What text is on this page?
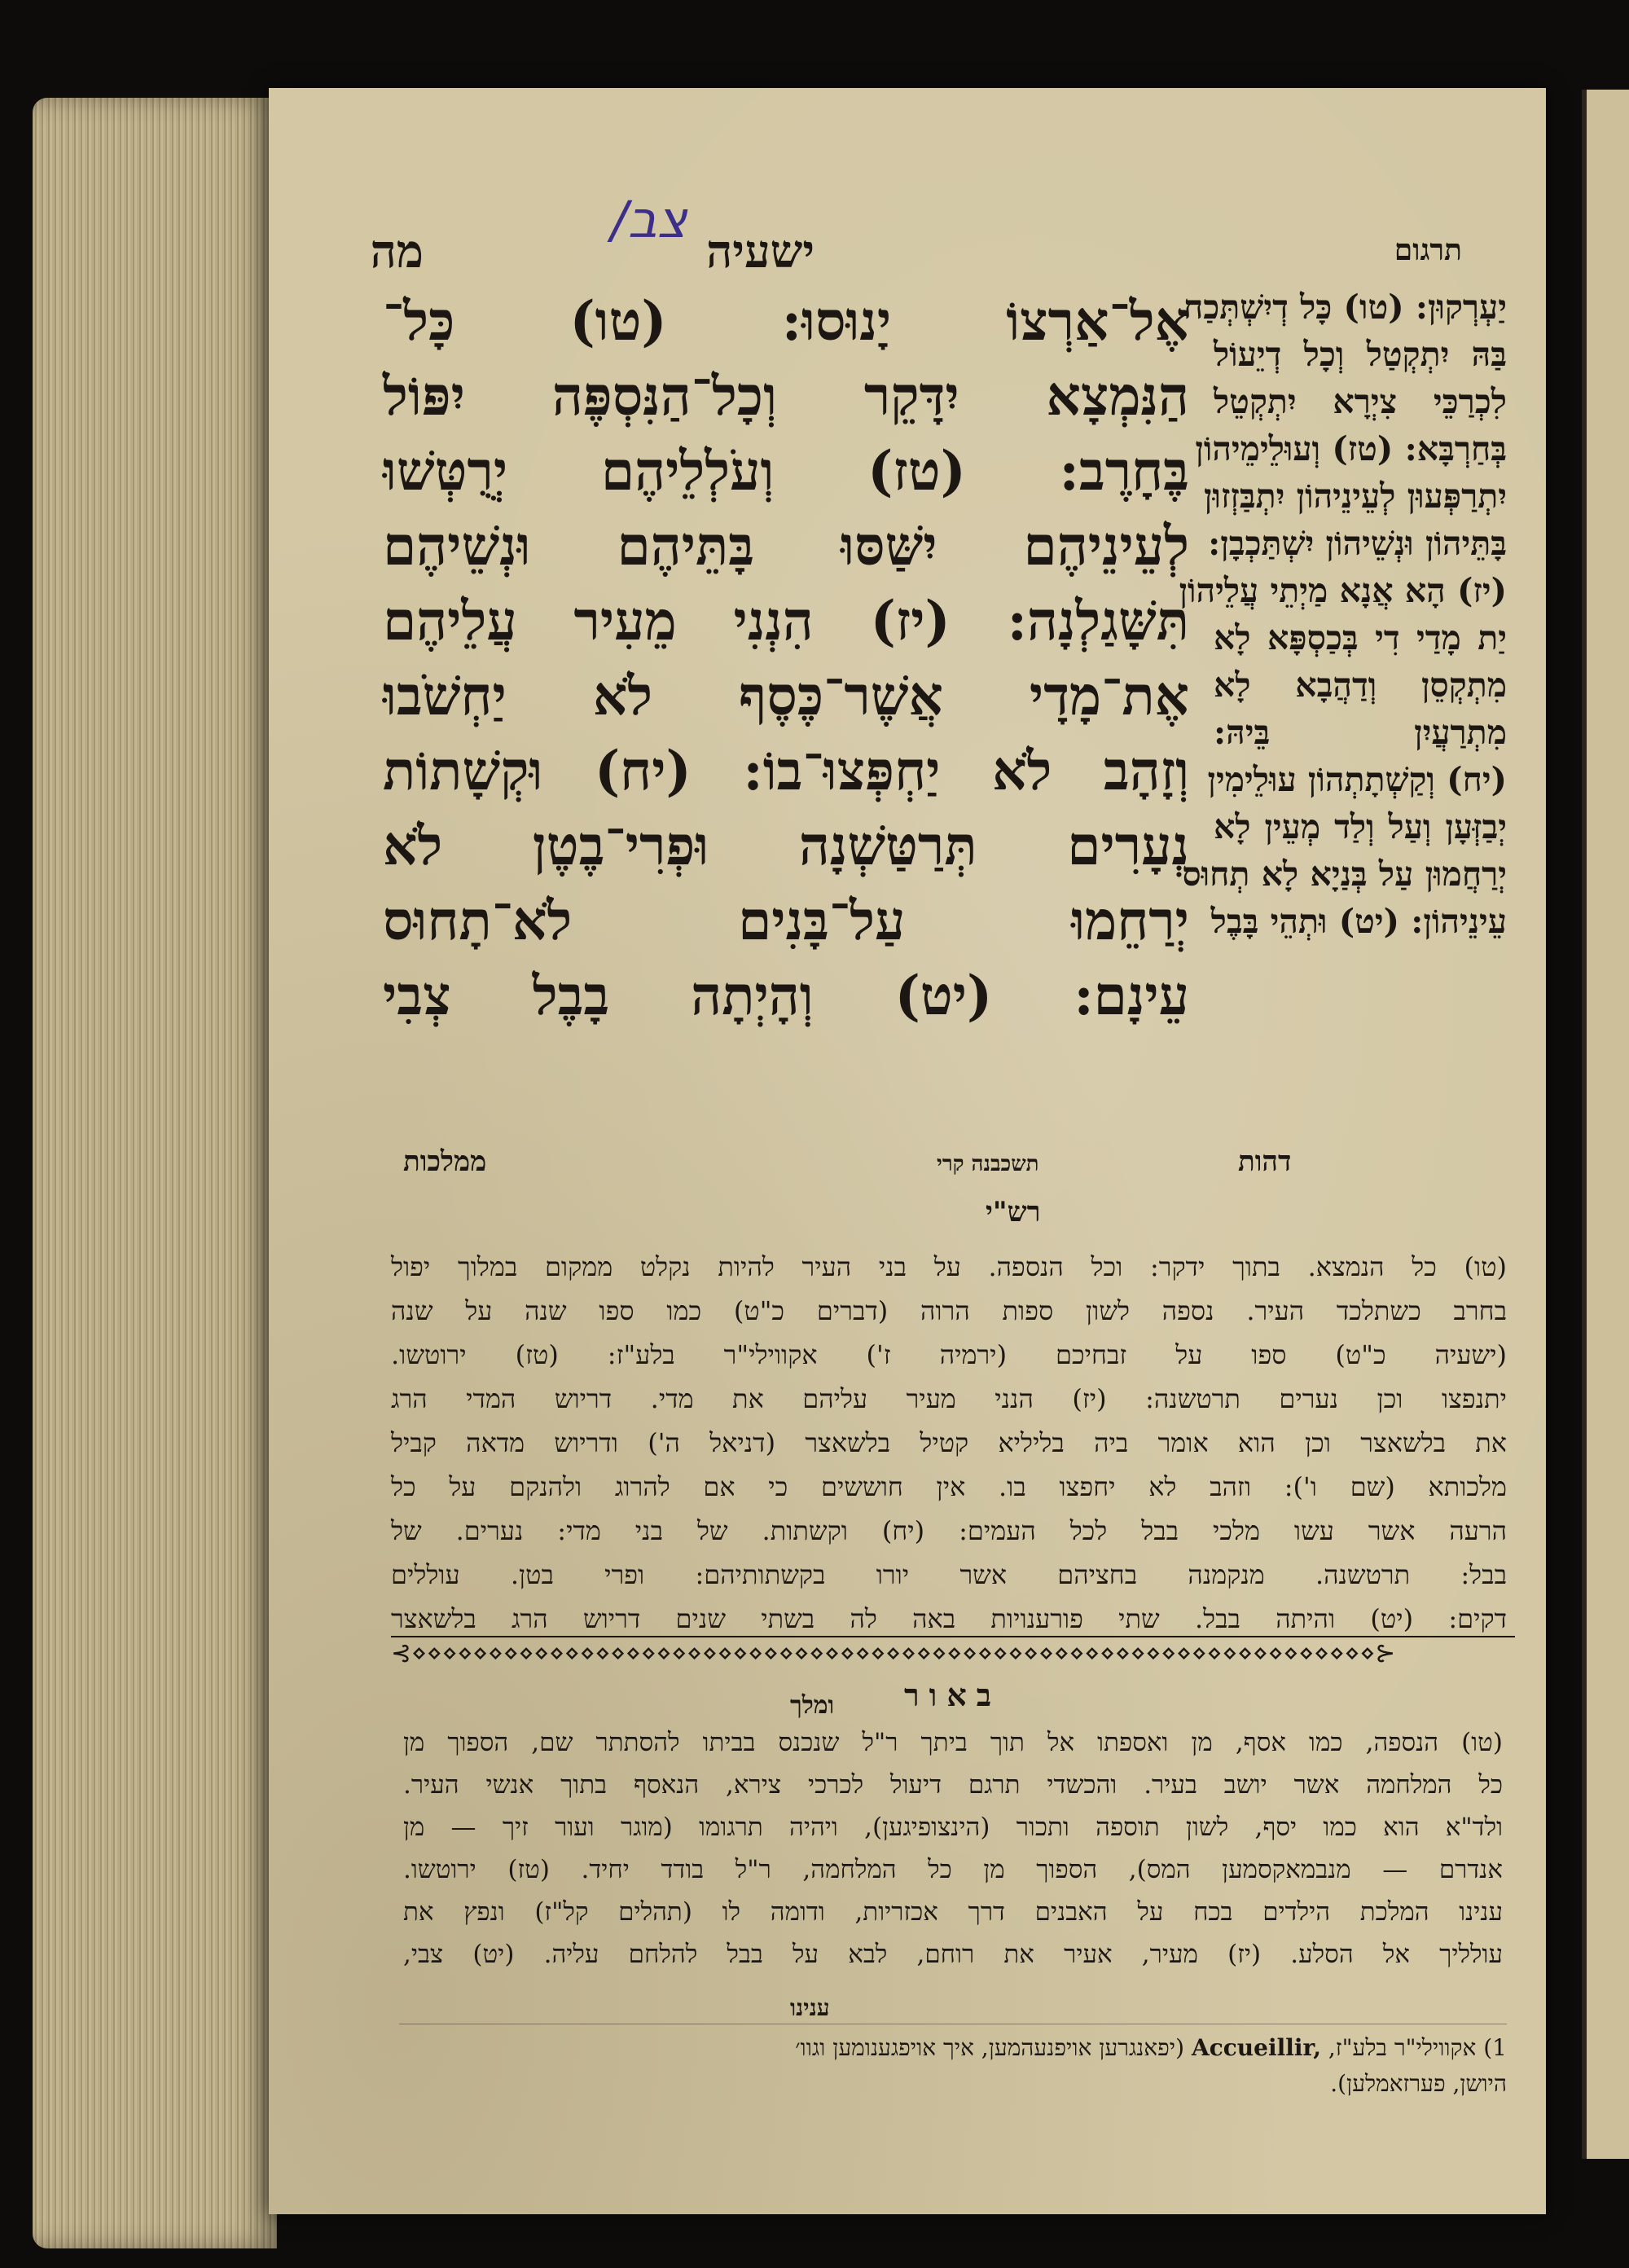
צב/
ישעיה
מה	תרגום
אֶל־אַרְצוֹ יָנוּסוּ: (טו) כָּל־
הַנִּמְצָא יִדָּקֵר וְכָל־הַנִּסְפֶּה יִפּוֹל
בֶּחָרֶב: (טז) וְעֹלְלֵיהֶם יְרֻטְּשׁוּ
לְעֵינֵיהֶם יִשַּׁסּוּ בָּתֵּיהֶם וּנְשֵׁיהֶם
תִּשָּׁגַלְנָה: (יז) הִנְנִי מֵעִיר עֲלֵיהֶם
אֶת־מָדָי אֲשֶׁר־כֶּסֶף לֹא יַחְשֹׁבוּ
וְזָהָב לֹא יַחְפְּצוּ־בוֹ: (יח) וּקְשָׁתוֹת
נְעָרִים תְּרַטַּשְׁנָה וּפְרִי־בֶטֶן לֹא
יְרַחֵמוּ עַל־בָּנִים לֹא־תָחוּס
עֵינָם: (יט) וְהָיְתָה בָבֶל צְבִי
יַעְרְקוּן: (טו) כָּל דְיִשְׁתְּכַח
בַּהּ יִתְקְטַל וְכָל דְיֵעוֹל
לִכְרַכֵּי צִיְרָא יִתְקְטֵל
בְּחַרְבָּא: (טז) וְעוּלֵימֵיהוֹן
יִתְרַפְּעוּן לְעֵינֵיהוֹן יִתְבַּזְזוּן
בָּתֵּיהוֹן וּנְשֵׁיהוֹן יִשְׁתַּכְבָן:
(יז) הָא אֲנָא מַיְתֵי עֲלֵיהוֹן
יַת מָדַי דִי בְּכַסְפָּא לָא
מִתְקְסֵן וְדַהֲבָא לָא
מִתְרַעֲיִן בֵּיהּ:
(יח) וְקַשְׁתָתְהוֹן עוּלֵימִין
יְבַזְּעָן וְעַל וְלַד מְעֵין לָא
יְרַחֲמוּן עַל בְּנַיָא לָא תְחוּס
עֵינֵיהוֹן: (יט) וּתְהֵי בָּבֶל
ממלכות	תשכבנה קרי	דהות
רש"י
(טו) כל הנמצא. בתוך ידקר: וכל הנספה. על בני העיר להיות נקלט ממקום במלוך יפול
בחרב כשתלכד העיר. נספה לשון ספות הרוה (דברים כ"ט) כמו ספו שנה על שנה
(ישעיה כ"ט) ספו על זבחיכם (ירמיה ז') אקווילי"ר בלע"ז: (טז) ירוטשו.
יתנפצו וכן נערים תרטשנה: (יז) הנני מעיר עליהם את מדי. דריוש המדי הרג
את בלשאצר וכן הוא אומר ביה בליליא קטיל בלשאצר (דניאל ה') ודריוש מדאה קביל
מלכותא (שם ו'): וזהב לא יחפצו בו. אין חוששים כי אם להרוג ולהנקם על כל
הרעה אשר עשו מלכי בבל לכל העמים: (יח) וקשתות. של בני מדי: נערים. של
בבל: תרטשנה. מנקמנה בחציהם אשר יורו בקשתותיהם: ופרי בטן. עוללים
דקים: (יט) והיתה בבל. שתי פורענויות באה לה בשתי שנים דריוש הרג בלשאצר
ומלך
⊰⋄⋄⋄⋄⋄⋄⋄⋄⋄⋄⋄⋄⋄⋄⋄⋄⋄⋄⋄⋄⋄⋄⋄⋄⋄⋄⋄⋄⋄⋄⋄⋄⋄⋄⋄⋄⋄⋄⋄⋄⋄⋄⋄⋄⋄⋄⋄⋄⋄⋄⋄⋄⋄⋄⋄⋄⋄⋄⋄⋄⋄⋄⋄⊱
באור
(טו) הנספה, כמו אסף, מן ואספתו אל תוך ביתך ר"ל שנכנס בביתו להסתתר שם, הספוך מן
כל המלחמה אשר יושב בעיר. והכשדי תרגם דיעול לכרכי צירא, הנאסף בתוך אנשי העיר.
ולד"א הוא כמו יסף, לשון תוספה ותכור (הינצופיגען), ויהיה תרגומו (מוגר ועור זיך — מן
אנדרם — מנבמאקסמען המס), הספוך מן כל המלחמה, ר"ל בודד יחיד. (טז) ירוטשו.
ענינו המלכת הילדים בכח על האבנים דרך אכזריות, ודומה לו (תהלים קל"ז) ונפץ את
עולליך אל הסלע. (יז) מעיר, אעיר את רוחם, לבא על בבל להלחם עליה. (יט) צבי,
ענינו
1) אקווילי"ר בלע"ז, Accueillir, (יפאנגרען אויפנעהמען, איך אויפגענומען וגוו׳
היושן, פערזאמלען).
